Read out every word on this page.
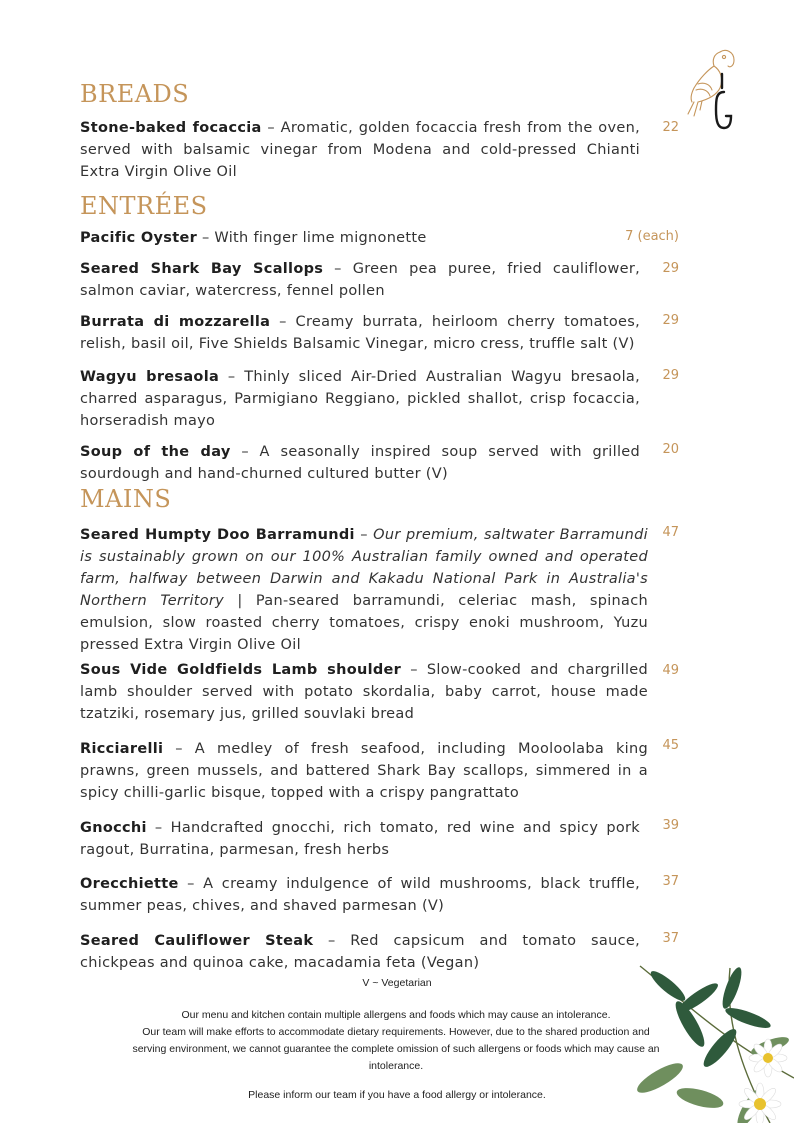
BREADS
Stone-baked focaccia – Aromatic, golden focaccia fresh from the oven, served with balsamic vinegar from Modena and cold-pressed Chianti Extra Virgin Olive Oil
22
ENTRÉES
Pacific Oyster – With finger lime mignonette	7 (each)
Seared Shark Bay Scallops – Green pea puree, fried cauliflower, salmon caviar, watercress, fennel pollen
29
Burrata di mozzarella – Creamy burrata, heirloom cherry tomatoes, relish, basil oil, Five Shields Balsamic Vinegar, micro cress, truffle salt (V)
29
Wagyu bresaola – Thinly sliced Air-Dried Australian Wagyu bresaola, charred asparagus, Parmigiano Reggiano, pickled shallot, crisp focaccia, horseradish mayo
29
Soup of the day – A seasonally inspired soup served with grilled sourdough and hand-churned cultured butter (V)
20
MAINS
Seared Humpty Doo Barramundi – Our premium, saltwater Barramundi is sustainably grown on our 100% Australian family owned and operated farm, halfway between Darwin and Kakadu National Park in Australia's Northern Territory | Pan-seared barramundi, celeriac mash, spinach emulsion, slow roasted cherry tomatoes, crispy enoki mushroom, Yuzu pressed Extra Virgin Olive Oil
47
Sous Vide Goldfields Lamb shoulder – Slow-cooked and chargrilled lamb shoulder served with potato skordalia, baby carrot, house made tzatziki, rosemary jus, grilled souvlaki bread
49
Ricciarelli – A medley of fresh seafood, including Mooloolaba king prawns, green mussels, and battered Shark Bay scallops, simmered in a spicy chilli-garlic bisque, topped with a crispy pangrattato
45
Gnocchi – Handcrafted gnocchi, rich tomato, red wine and spicy pork ragout, Burratina, parmesan, fresh herbs
39
Orecchiette – A creamy indulgence of wild mushrooms, black truffle, summer peas, chives, and shaved parmesan (V)
37
Seared Cauliflower Steak – Red capsicum and tomato sauce, chickpeas and quinoa cake, macadamia feta (Vegan)
37
V ~ Vegetarian
Our menu and kitchen contain multiple allergens and foods which may cause an intolerance.
Our team will make efforts to accommodate dietary requirements. However, due to the shared production and serving environment, we cannot guarantee the complete omission of such allergens or foods which may cause an intolerance.
Please inform our team if you have a food allergy or intolerance.
